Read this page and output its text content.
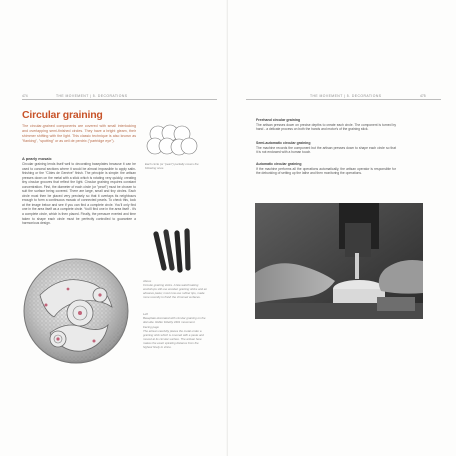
474	THE MOVEMENT | 5. DECORATIONS
Circular graining
The circular-grained components are covered with small interlocking and overlapping semi-finished circles. They have a bright gleam, their shimmer shifting with the light. This classic technique is also known as "flanking", "spotting" or as oeil de perdrix ("partridge eye").
Each circle (or "pearl") partially covers the following ones.
A pearly mosaic
Circular graining lends itself well to decorating baseplates because it can be used to conceal sections where it would be almost impossible to apply satin-finishing or the "Côtes de Genève" finish. The principle is simple: the artisan presses down on the metal with a stick which is rotating very quickly, creating tiny circular grooves that reflect the light. Circular graining requires constant concentration. First, the diameter of each circle (or "pearl") must be chosen to suit the surface being covered. There are large, small and tiny circles. Each circle must then be placed very precisely so that it overlaps its neighbours enough to form a continuous mosaic of connected pearls. To check this, look at the image below and see if you can find a complete circle. You'll only find one in the area itself as a complete circle. You'll find one in the area itself - it's a complete circle, which is then placed. Finally, the pressure exerted and time taken to shape each circle must be perfectly controlled to guarantee a harmonious design.
Above
Circular graining sticks. A few watchmaking workshops still use wooden graining sticks and an abrasive paste; most now use rubber tips, made more recently to finish the chromed surfaces.
Left
Baseplate decorated with circular graining on the dial side. Rafter Fidelity 4401 movement.
Facing page
The artisan carefully places the metal under a graining stick which is covered with a paste and moved at its circular surface. The artisan here makes the exact spiraling distance from the highest finely to shine.
THE MOVEMENT | 5. DECORATIONS	475
Freehand circular graining
The artisan presses down on precise depths to create each circle. The component is turned by hand - a delicate process on both the hands and motor's of the graining stick.
Semi-automatic circular graining
The machine records the component but the artisan presses down to shape each circle so that it is not endowed with a human touch.
Automatic circular graining
If the machine performs all the operations automatically, the artisan operator is responsible for the debunking of setting up the lathe and then monitoring the operations.
